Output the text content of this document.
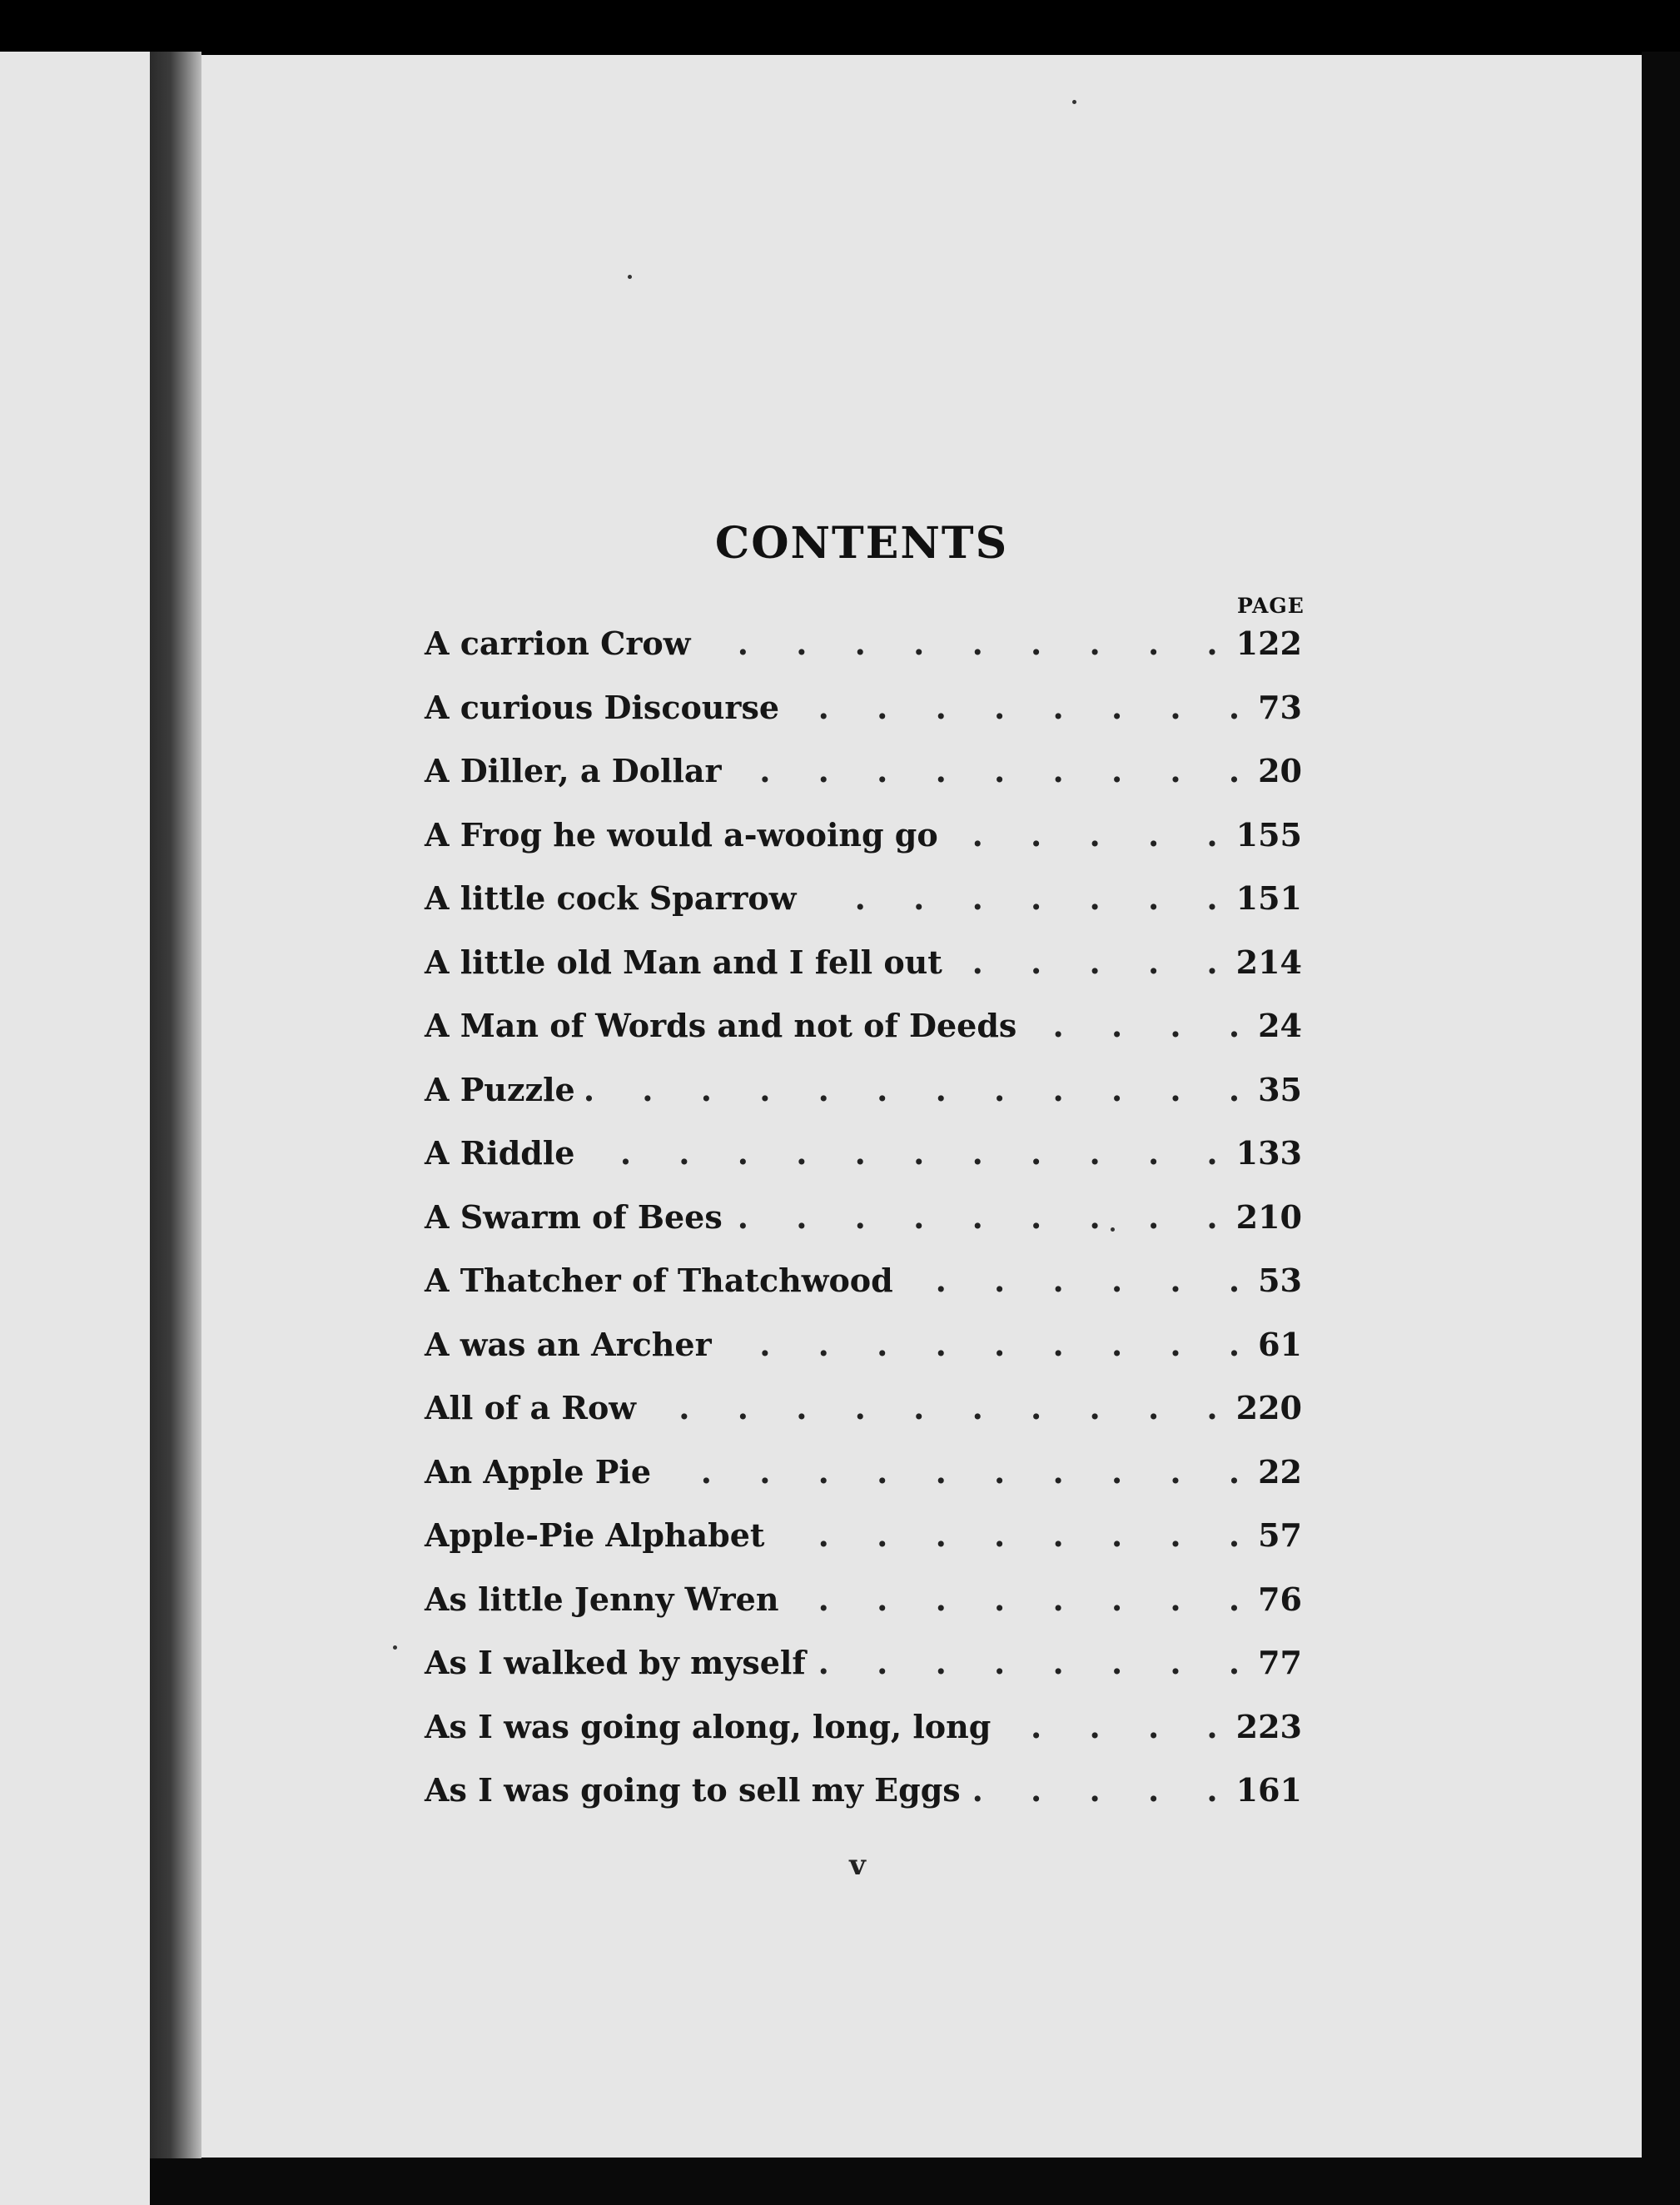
CONTENTS
PAGE
A carrion Crow . . .	122
A curious Discourse . . .	73
A Diller, a Dollar . . .	20
A Frog he would a-wooing go . . .	155
A little cock Sparrow . . .	151
A little old Man and I fell out . . .	214
A Man of Words and not of Deeds . . .	24
A Puzzle . . .	35
A Riddle . . .	133
A Swarm of Bees . . .	210
A Thatcher of Thatchwood . . .	53
A was an Archer . . .	61
All of a Row . . .	220
An Apple Pie . . .	22
Apple-Pie Alphabet . . .	57
As little Jenny Wren . . .	76
As I walked by myself . . .	77
As I was going along, long, long . . .	223
As I was going to sell my Eggs . . .	161
v
